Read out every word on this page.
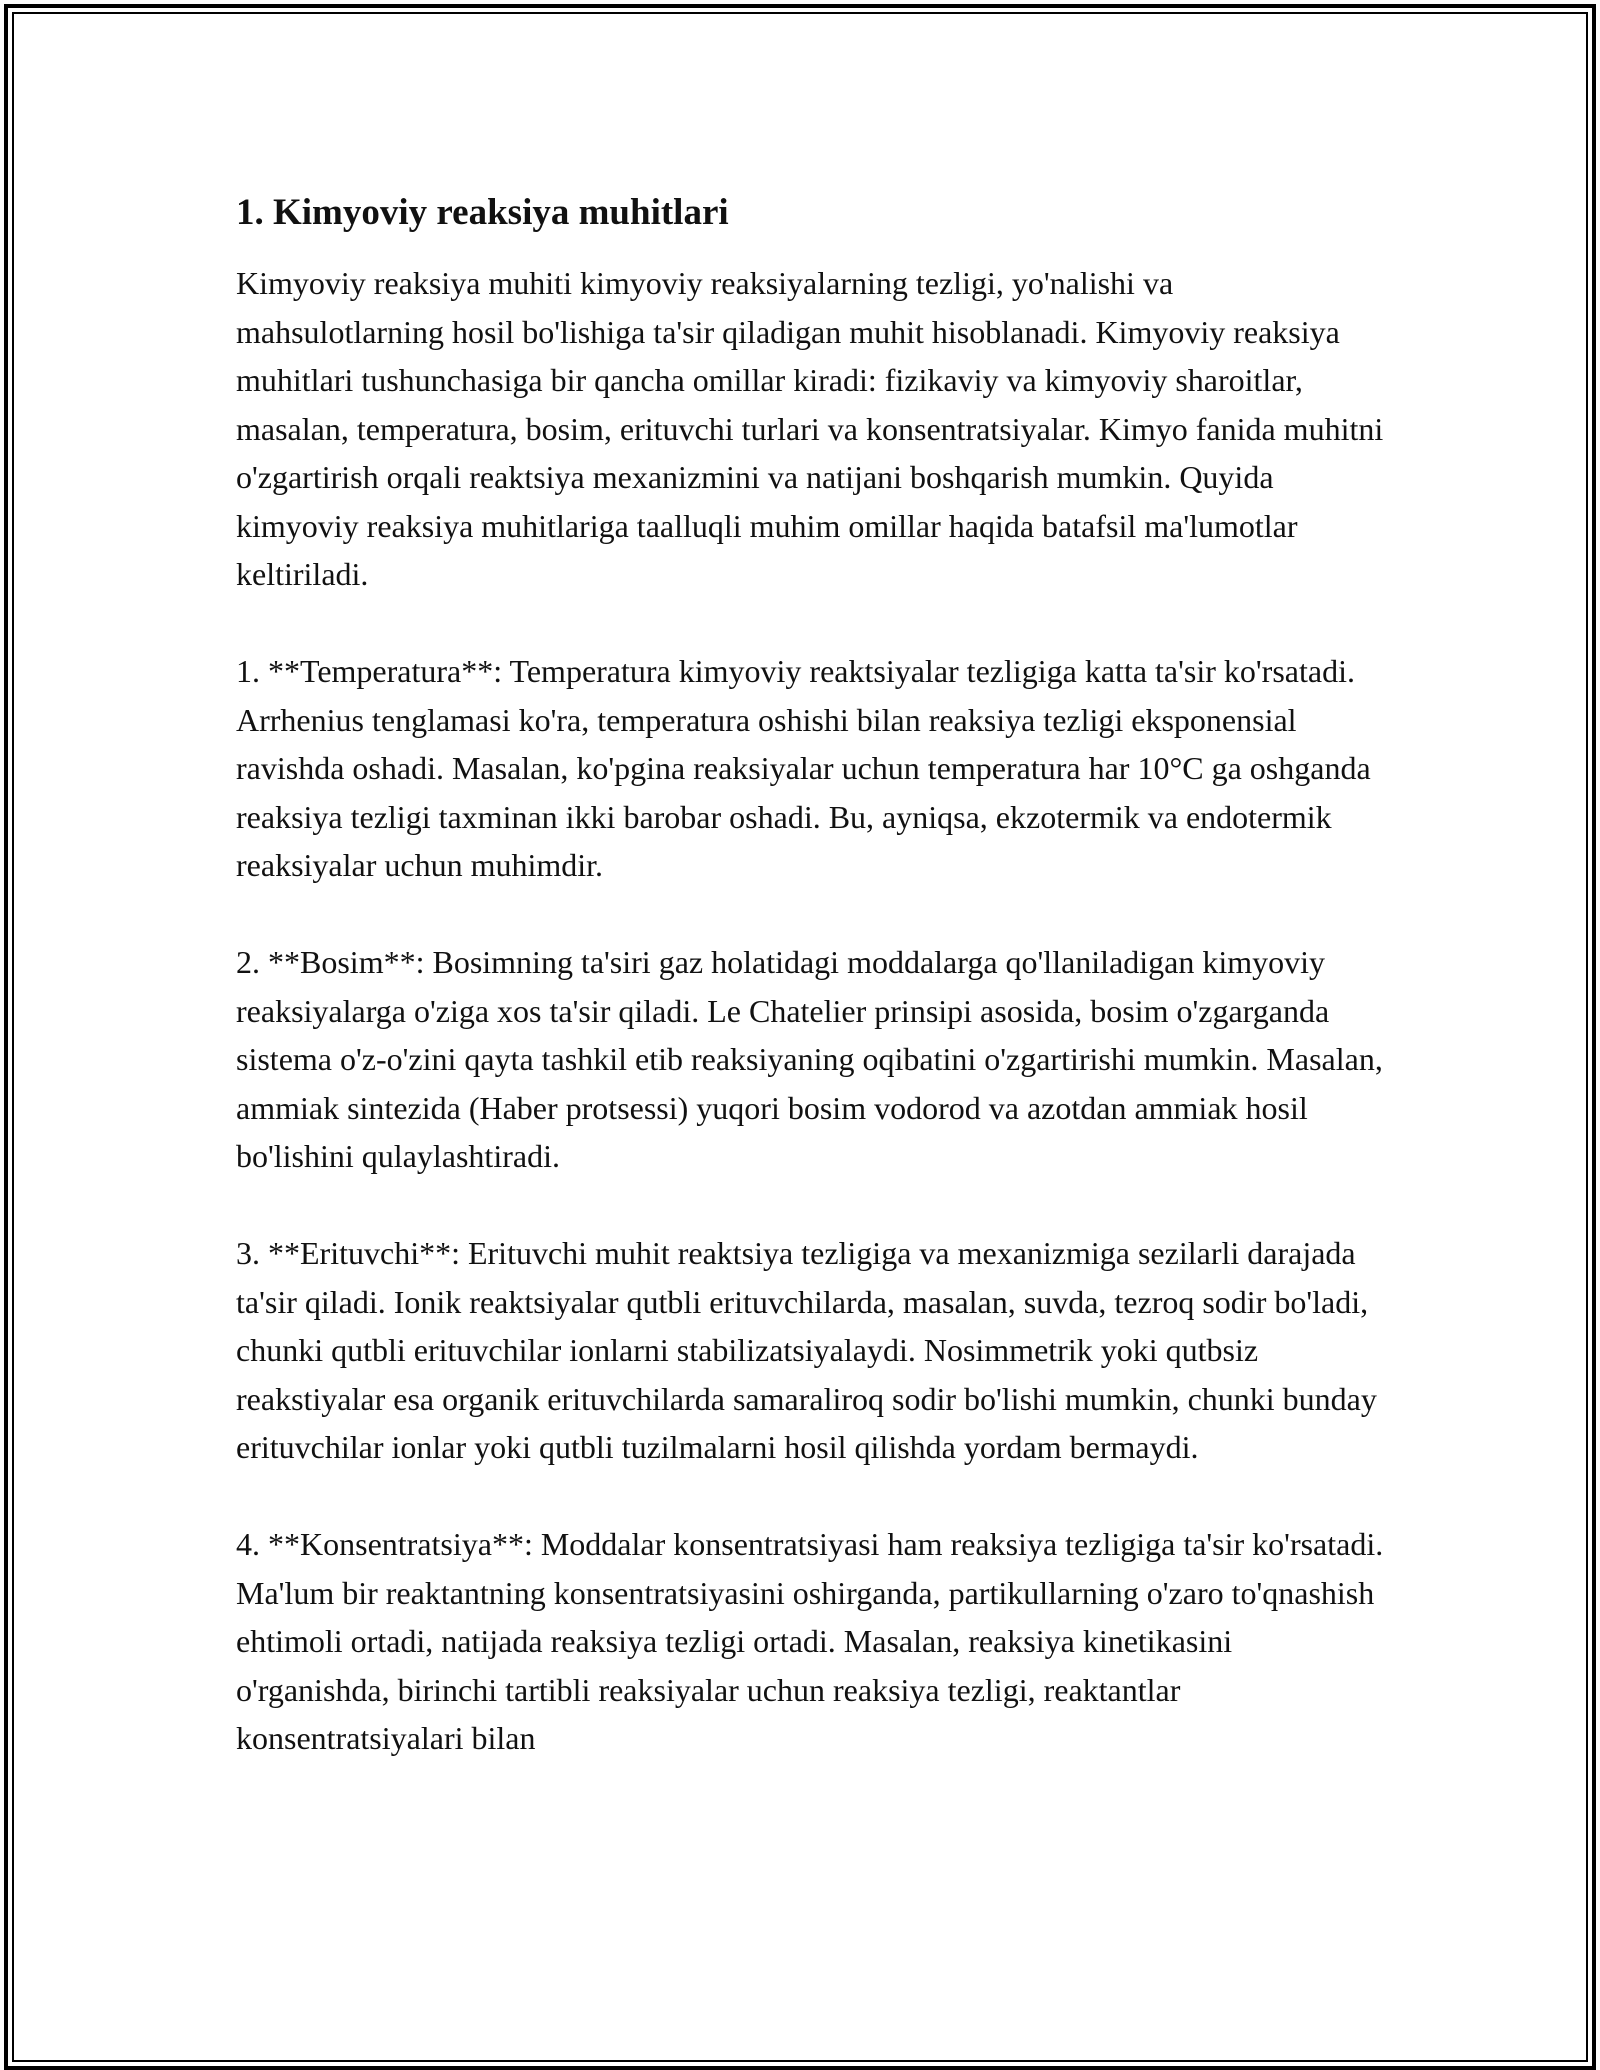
1. Kimyoviy reaksiya muhitlari

Kimyoviy reaksiya muhiti kimyoviy reaksiyalarning tezligi, yo'nalishi va mahsulotlarning hosil bo'lishiga ta'sir qiladigan muhit hisoblanadi. Kimyoviy reaksiya muhitlari tushunchasiga bir qancha omillar kiradi: fizikaviy va kimyoviy sharoitlar, masalan, temperatura, bosim, erituvchi turlari va konsentratsiyalar. Kimyo fanida muhitni o'zgartirish orqali reaktsiya mexanizmini va natijani boshqarish mumkin. Quyida kimyoviy reaksiya muhitlariga taalluqli muhim omillar haqida batafsil ma'lumotlar keltiriladi.

1. **Temperatura**: Temperatura kimyoviy reaktsiyalar tezligiga katta ta'sir ko'rsatadi. Arrhenius tenglamasi ko'ra, temperatura oshishi bilan reaksiya tezligi eksponensial ravishda oshadi. Masalan, ko'pgina reaksiyalar uchun temperatura har 10°C ga oshganda reaksiya tezligi taxminan ikki barobar oshadi. Bu, ayniqsa, ekzotermik va endotermik reaksiyalar uchun muhimdir.

2. **Bosim**: Bosimning ta'siri gaz holatidagi moddalarga qo'llaniladigan kimyoviy reaksiyalarga o'ziga xos ta'sir qiladi. Le Chatelier prinsipi asosida, bosim o'zgarganda sistema o'z-o'zini qayta tashkil etib reaksiyaning oqibatini o'zgartirishi mumkin. Masalan, ammiak sintezida (Haber protsessi) yuqori bosim vodorod va azotdan ammiak hosil bo'lishini qulaylashtiradi.

3. **Erituvchi**: Erituvchi muhit reaktsiya tezligiga va mexanizmiga sezilarli darajada ta'sir qiladi. Ionik reaktsiyalar qutbli erituvchilarda, masalan, suvda, tezroq sodir bo'ladi, chunki qutbli erituvchilar ionlarni stabilizatsiyalaydi. Nosimmetrik yoki qutbsiz reakstiyalar esa organik erituvchilarda samaraliroq sodir bo'lishi mumkin, chunki bunday erituvchilar ionlar yoki qutbli tuzilmalarni hosil qilishda yordam bermaydi.

4. **Konsentratsiya**: Moddalar konsentratsiyasi ham reaksiya tezligiga ta'sir ko'rsatadi. Ma'lum bir reaktantning konsentratsiyasini oshirganda, partikullarning o'zaro to'qnashish ehtimoli ortadi, natijada reaksiya tezligi ortadi. Masalan, reaksiya kinetikasini o'rganishda, birinchi tartibli reaksiyalar uchun reaksiya tezligi, reaktantlar konsentratsiyalari bilan
